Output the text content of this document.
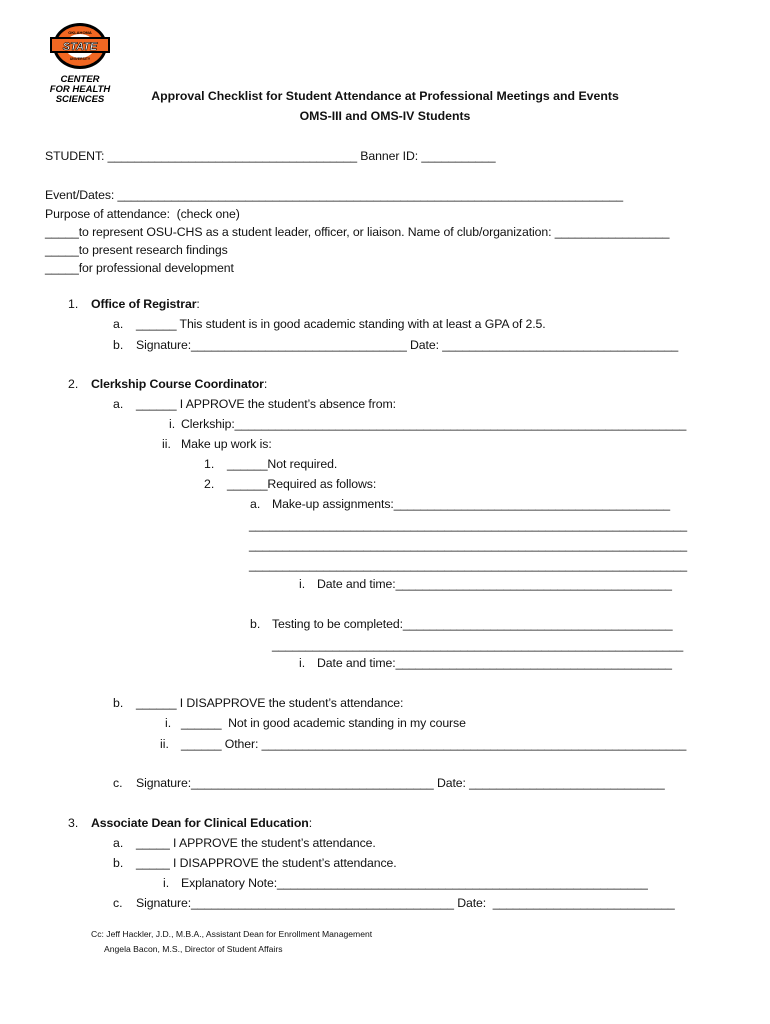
OKLAHOMA
STATE
UNIVERSITY
CENTER
FOR HEALTH
SCIENCES	Approval Checklist for Student Attendance at Professional Meetings and Events
OMS-III and OMS-IV Students
STUDENT: _____________________________________ Banner ID: ___________
Event/Dates: ___________________________________________________________________________
Purpose of attendance:  (check one)
_____to represent OSU-CHS as a student leader, officer, or liaison. Name of club/organization: _________________
_____to present research findings
_____for professional development
1. Office of Registrar:
a. ______ This student is in good academic standing with at least a GPA of 2.5.
b. Signature:________________________________ Date: ___________________________________
2. Clerkship Course Coordinator:
a. ______ I APPROVE the student’s absence from:
i. Clerkship:___________________________________________________________________
ii. Make up work is:
1. ______Not required.
2. ______Required as follows:
a. Make-up assignments:_________________________________________
_________________________________________________________________
_________________________________________________________________
_________________________________________________________________
i. Date and time:_________________________________________
b. Testing to be completed:________________________________________
_____________________________________________________________
i. Date and time:_________________________________________
b. ______ I DISAPPROVE the student’s attendance:
i. ______  Not in good academic standing in my course
ii. ______ Other: _______________________________________________________________
c. Signature:____________________________________ Date: _____________________________
3. Associate Dean for Clinical Education:
a. _____ I APPROVE the student’s attendance.
b. _____ I DISAPPROVE the student’s attendance.
i. Explanatory Note:_______________________________________________________
c. Signature:_______________________________________ Date:  ___________________________
Cc: Jeff Hackler, J.D., M.B.A., Assistant Dean for Enrollment Management
Angela Bacon, M.S., Director of Student Affairs
